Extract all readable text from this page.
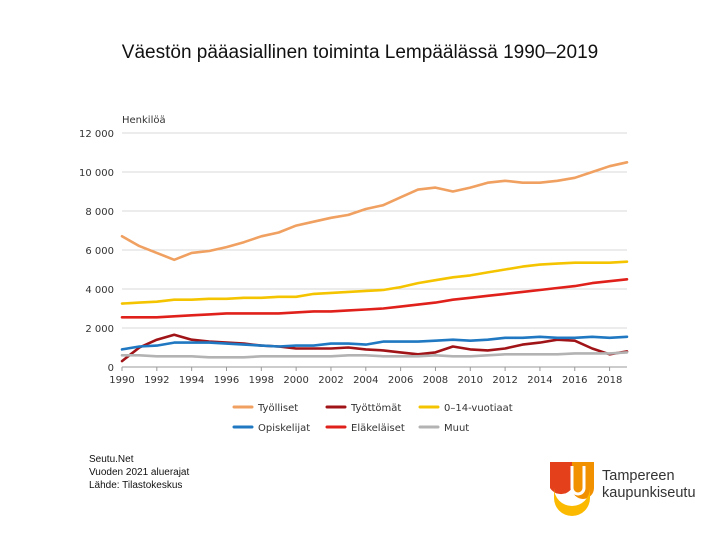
Väestön pääasiallinen toiminta Lempäälässä 1990–2019
0
2 000
4 000
6 000
8 000
10 000
12 000
1990 1992 1994 1996 1998 2000 2002 2004 2006 2008 2010 2012 2014 2016 2018
Henkilöä
Työlliset	Työttömät	0–14-vuotiaat
Opiskelijat	Eläkeläiset	Muut
Seutu.Net
Vuoden 2021 aluerajat
Lähde: Tilastokeskus
Tampereen
kaupunkiseutu
